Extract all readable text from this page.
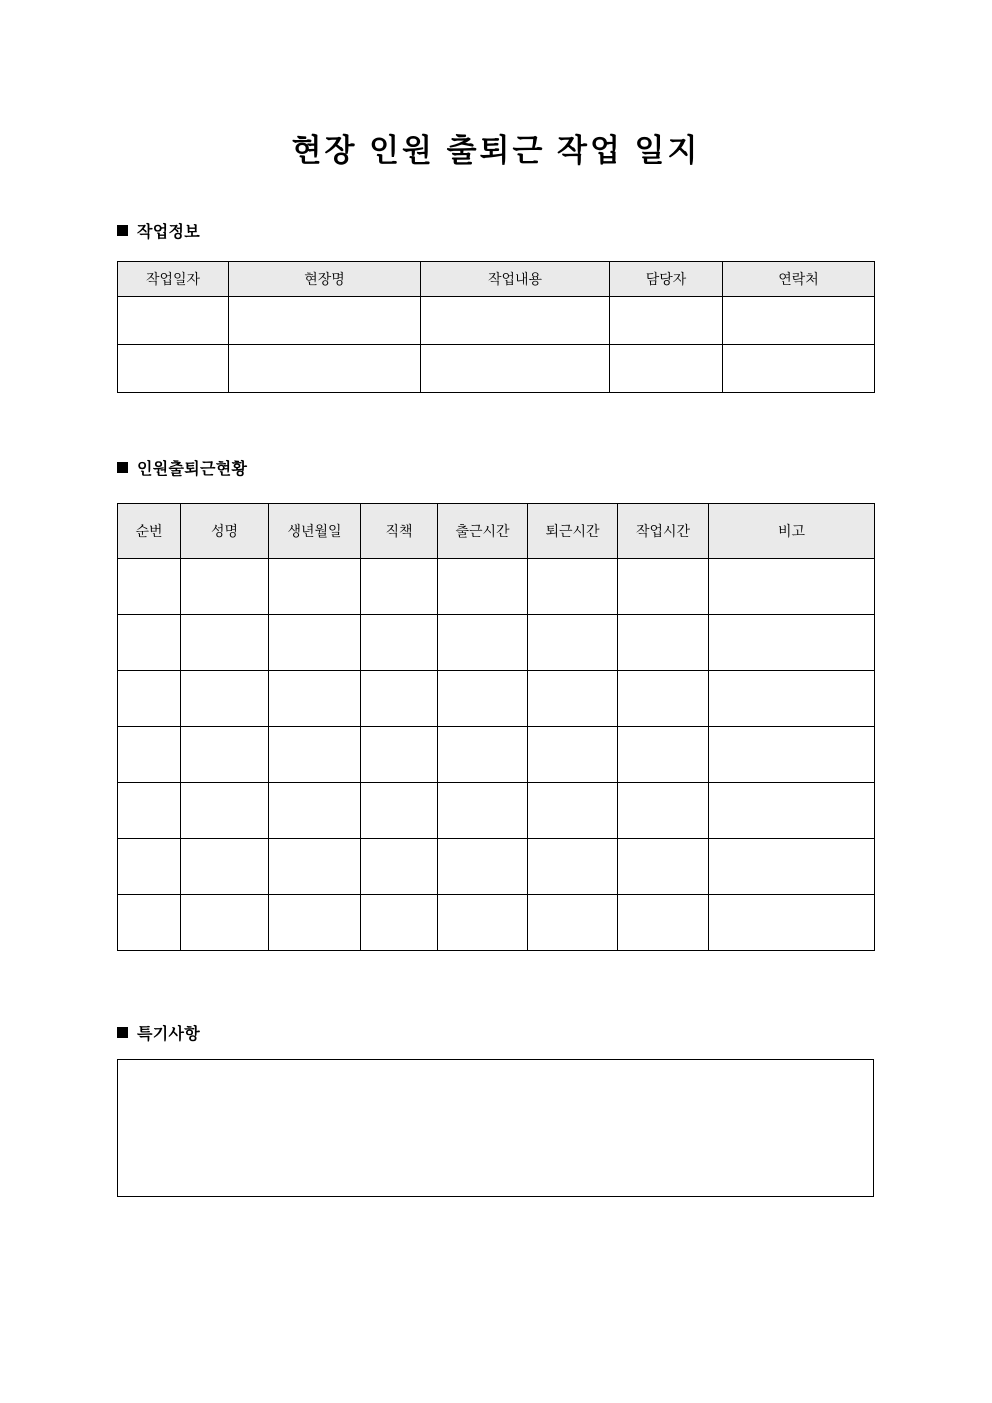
현장 인원 출퇴근 작업 일지
작업정보
작업일자	현장명	작업내용	담당자	연락처

인원출퇴근현황
순번	성명	생년월일	직책	출근시간	퇴근시간	작업시간	비고

특기사항
